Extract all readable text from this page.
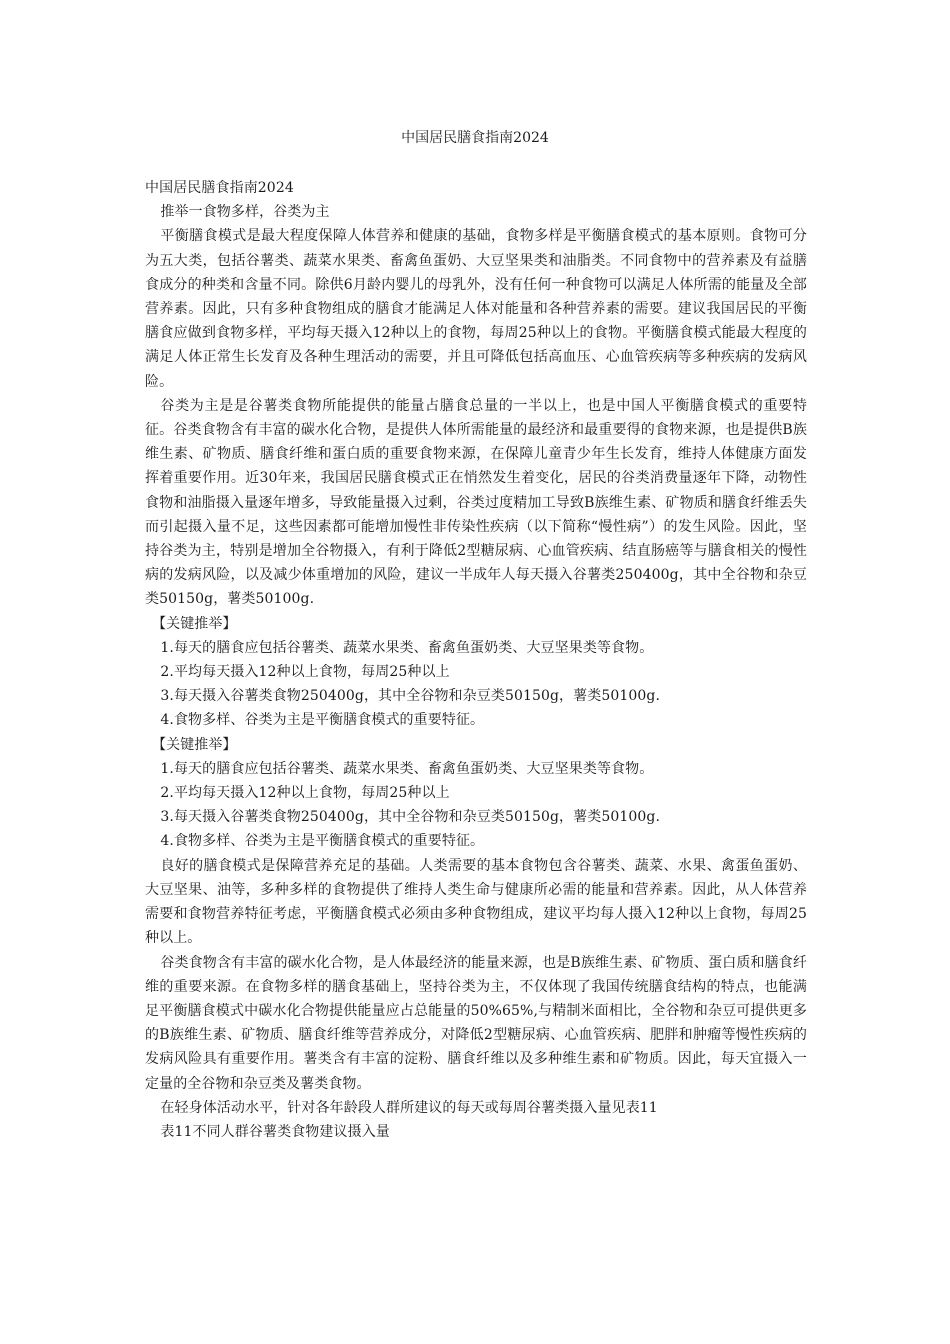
中国居民膳食指南2024

中国居民膳食指南2024

推举一食物多样，谷类为主

平衡膳食模式是最大程度保障人体营养和健康的基础，食物多样是平衡膳食模式的基本原则。食物可分为五大类，包括谷薯类、蔬菜水果类、畜禽鱼蛋奶、大豆坚果类和油脂类。不同食物中的营养素及有益膳食成分的种类和含量不同。除供6月龄内婴儿的母乳外，没有任何一种食物可以满足人体所需的能量及全部营养素。因此，只有多种食物组成的膳食才能满足人体对能量和各种营养素的需要。建议我国居民的平衡膳食应做到食物多样，平均每天摄入12种以上的食物，每周25种以上的食物。平衡膳食模式能最大程度的满足人体正常生长发育及各种生理活动的需要，并且可降低包括高血压、心血管疾病等多种疾病的发病风险。

谷类为主是是谷薯类食物所能提供的能量占膳食总量的一半以上，也是中国人平衡膳食模式的重要特征。谷类食物含有丰富的碳水化合物，是提供人体所需能量的最经济和最重要得的食物来源，也是提供B族维生素、矿物质、膳食纤维和蛋白质的重要食物来源，在保障儿童青少年生长发育，维持人体健康方面发挥着重要作用。近30年来，我国居民膳食模式正在悄然发生着变化，居民的谷类消费量逐年下降，动物性食物和油脂摄入量逐年增多，导致能量摄入过剩，谷类过度精加工导致B族维生素、矿物质和膳食纤维丢失而引起摄入量不足，这些因素都可能增加慢性非传染性疾病（以下简称“慢性病”）的发生风险。因此，坚持谷类为主，特别是增加全谷物摄入，有利于降低2型糖尿病、心血管疾病、结直肠癌等与膳食相关的慢性病的发病风险，以及减少体重增加的风险，建议一半成年人每天摄入谷薯类250400g，其中全谷物和杂豆类50150g，薯类50100g.

【关键推举】

1.每天的膳食应包括谷薯类、蔬菜水果类、畜禽鱼蛋奶类、大豆坚果类等食物。

2.平均每天摄入12种以上食物，每周25种以上

3.每天摄入谷薯类食物250400g，其中全谷物和杂豆类50150g，薯类50100g.

4.食物多样、谷类为主是平衡膳食模式的重要特征。

【关键推举】

1.每天的膳食应包括谷薯类、蔬菜水果类、畜禽鱼蛋奶类、大豆坚果类等食物。

2.平均每天摄入12种以上食物，每周25种以上

3.每天摄入谷薯类食物250400g，其中全谷物和杂豆类50150g，薯类50100g.

4.食物多样、谷类为主是平衡膳食模式的重要特征。

良好的膳食模式是保障营养充足的基础。人类需要的基本食物包含谷薯类、蔬菜、水果、禽蛋鱼蛋奶、大豆坚果、油等，多种多样的食物提供了维持人类生命与健康所必需的能量和营养素。因此，从人体营养需要和食物营养特征考虑，平衡膳食模式必须由多种食物组成，建议平均每人摄入12种以上食物，每周25种以上。

谷类食物含有丰富的碳水化合物，是人体最经济的能量来源，也是B族维生素、矿物质、蛋白质和膳食纤维的重要来源。在食物多样的膳食基础上，坚持谷类为主，不仅体现了我国传统膳食结构的特点，也能满足平衡膳食模式中碳水化合物提供能量应占总能量的50%65%,与精制米面相比，全谷物和杂豆可提供更多的B族维生素、矿物质、膳食纤维等营养成分，对降低2型糖尿病、心血管疾病、肥胖和肿瘤等慢性疾病的发病风险具有重要作用。薯类含有丰富的淀粉、膳食纤维以及多种维生素和矿物质。因此，每天宜摄入一定量的全谷物和杂豆类及薯类食物。

在轻身体活动水平，针对各年龄段人群所建议的每天或每周谷薯类摄入量见表11

表11不同人群谷薯类食物建议摄入量
